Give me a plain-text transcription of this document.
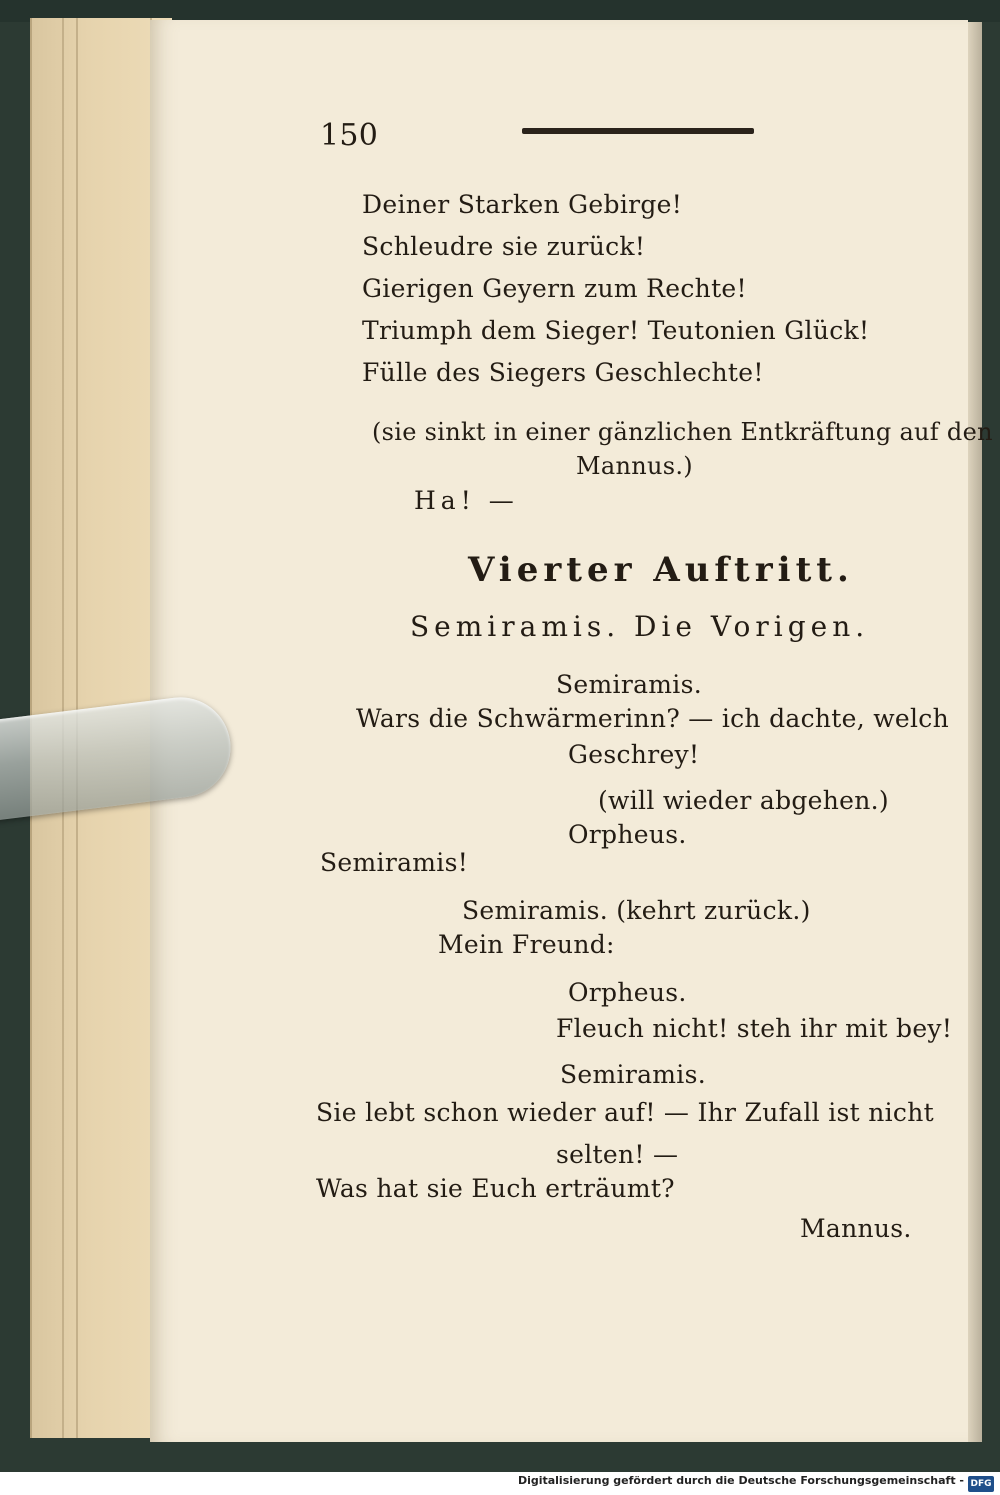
150
Deiner Starken Gebirge!
Schleudre sie zurück!
Gierigen Geyern zum Rechte!
Triumph dem Sieger! Teutonien Glück!
Fülle des Siegers Geschlechte!
(sie sinkt in einer gänzlichen Entkräftung auf den
Mannus.)
Ha! —
Vierter Auftritt.
Semiramis. Die Vorigen.
Semiramis.
Wars die Schwärmerinn? — ich dachte, welch
Geschrey!
(will wieder abgehen.)
Orpheus.
Semiramis!
Semiramis. (kehrt zurück.)
Mein Freund:
Orpheus.
Fleuch nicht! steh ihr mit bey!
Semiramis.
Sie lebt schon wieder auf! — Ihr Zufall ist nicht
selten! —
Was hat sie Euch erträumt?
Mannus.
Digitalisierung gefördert durch die Deutsche Forschungsgemeinschaft - DFG
